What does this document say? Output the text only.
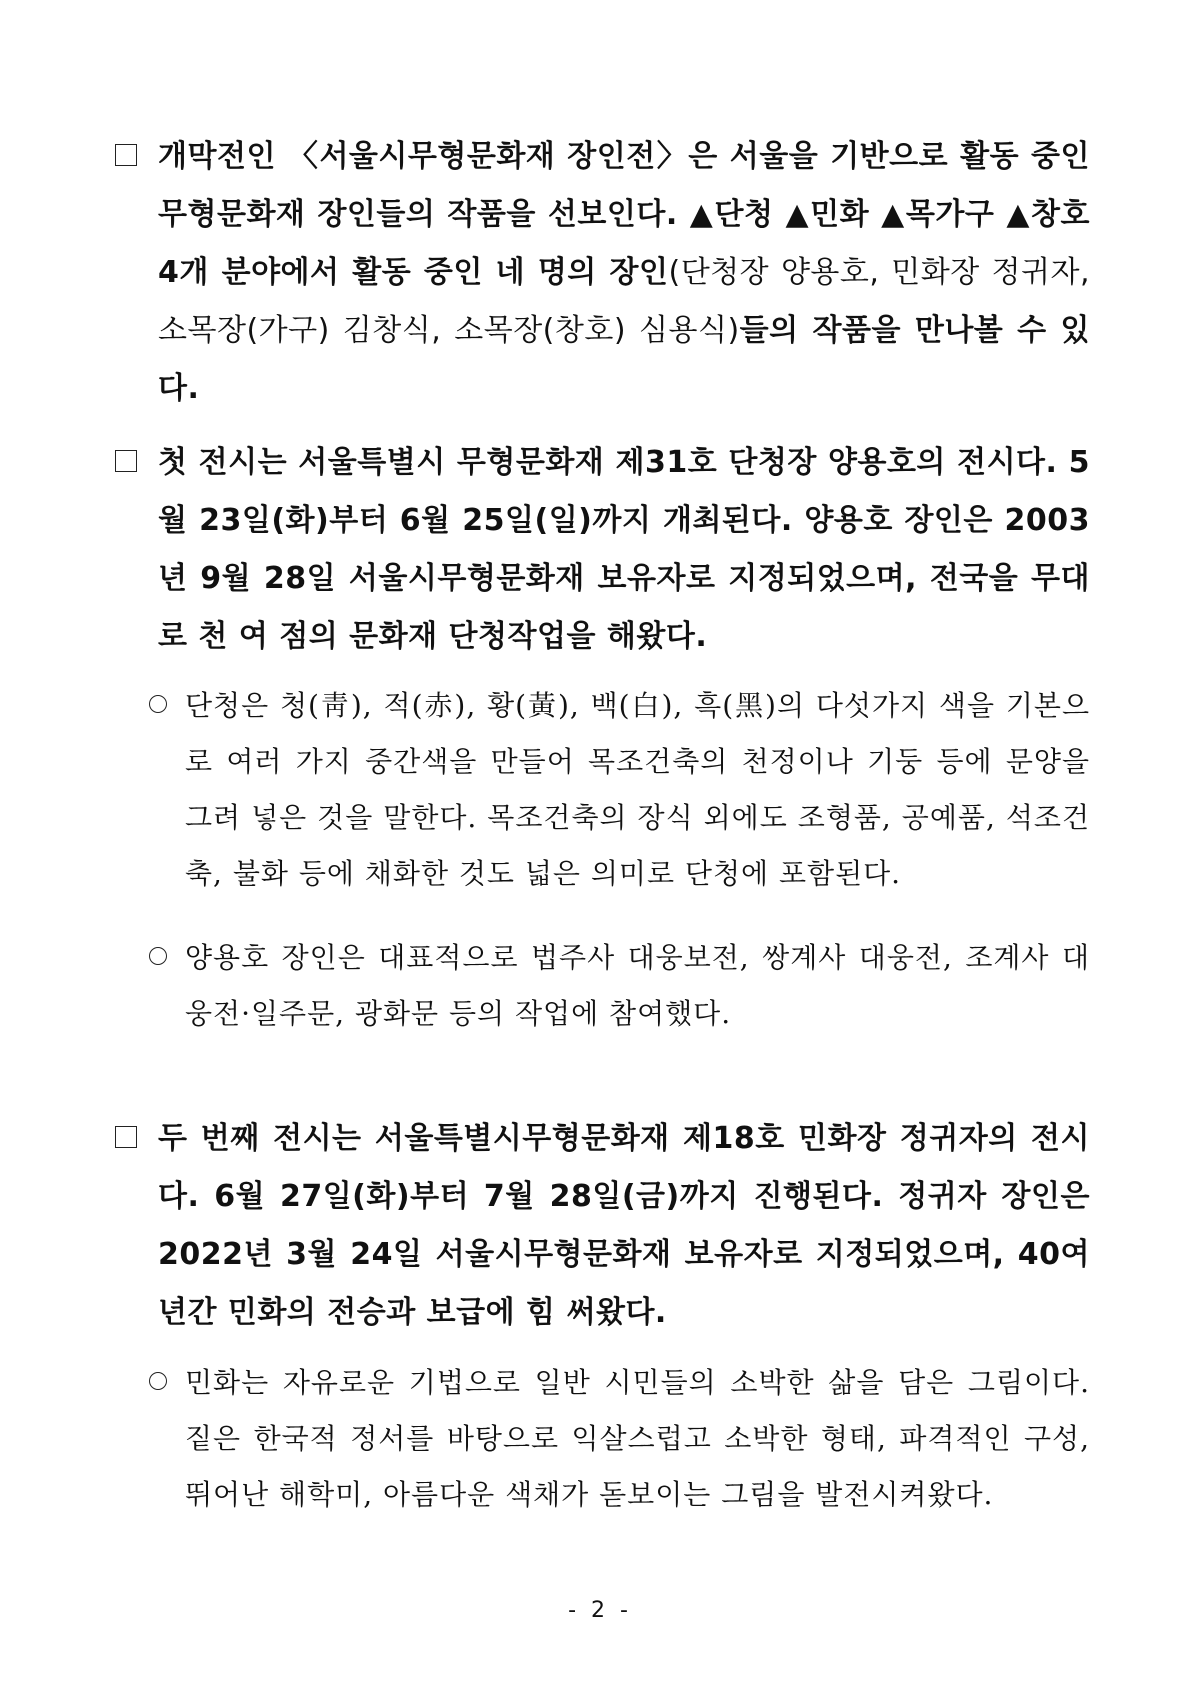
개막전인 〈서울시무형문화재 장인전〉은 서울을 기반으로 활동 중인 무형문화재 장인들의 작품을 선보인다. ▲단청 ▲민화 ▲목가구 ▲창호 4개 분야에서 활동 중인 네 명의 장인(단청장 양용호, 민화장 정귀자, 소목장(가구) 김창식, 소목장(창호) 심용식)들의 작품을 만나볼 수 있다.
첫 전시는 서울특별시 무형문화재 제31호 단청장 양용호의 전시다. 5월 23일(화)부터 6월 25일(일)까지 개최된다. 양용호 장인은 2003년 9월 28일 서울시무형문화재 보유자로 지정되었으며, 전국을 무대로 천 여 점의 문화재 단청작업을 해왔다.
단청은 청(靑), 적(赤), 황(黃), 백(白), 흑(黑)의 다섯가지 색을 기본으로 여러 가지 중간색을 만들어 목조건축의 천정이나 기둥 등에 문양을 그려 넣은 것을 말한다. 목조건축의 장식 외에도 조형품, 공예품, 석조건축, 불화 등에 채화한 것도 넓은 의미로 단청에 포함된다.
양용호 장인은 대표적으로 법주사 대웅보전, 쌍계사 대웅전, 조계사 대웅전·일주문, 광화문 등의 작업에 참여했다.
두 번째 전시는 서울특별시무형문화재 제18호 민화장 정귀자의 전시다. 6월 27일(화)부터 7월 28일(금)까지 진행된다. 정귀자 장인은 2022년 3월 24일 서울시무형문화재 보유자로 지정되었으며, 40여 년간 민화의 전승과 보급에 힘 써왔다.
민화는 자유로운 기법으로 일반 시민들의 소박한 삶을 담은 그림이다. 짙은 한국적 정서를 바탕으로 익살스럽고 소박한 형태, 파격적인 구성, 뛰어난 해학미, 아름다운 색채가 돋보이는 그림을 발전시켜왔다.
- 2 -
